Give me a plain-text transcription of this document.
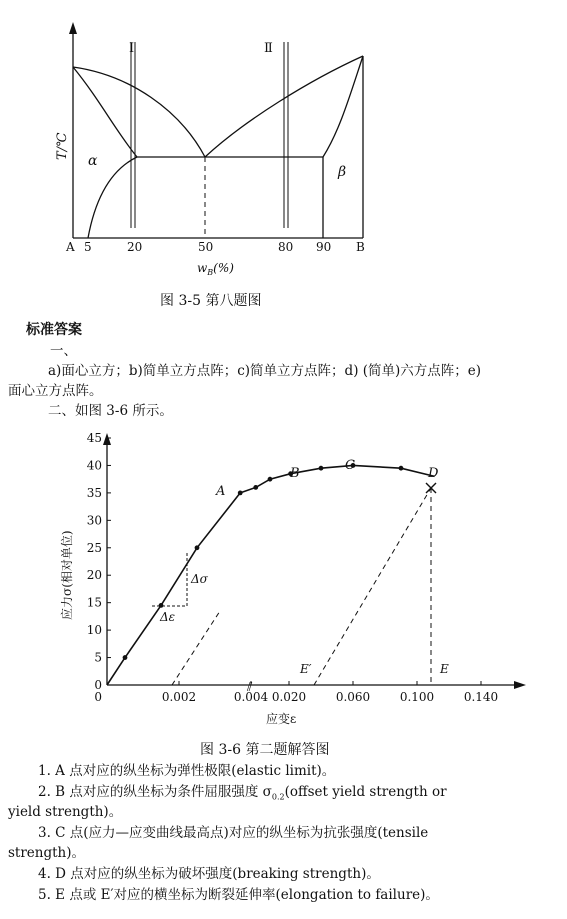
Ⅰ	Ⅱ
α
β
T/℃
A 5	20	50	80 90 B
$w_B(\%)$
图 3-5 第八题图
标准答案
一、
a)面心立方；b)简单立方点阵；c)简单立方点阵；d) (简单)六方点阵；e)
面心立方点阵。
二、如图 3-6 所示。
0
5
10
15
20
25
30
35
40
45
0.002	0.004 0.020 0.060 0.100 0.140
0
⫽
A
B
C
D
E
E′
Δσ
Δε
应力σ(相对单位)
应变ε
图 3-6 第二题解答图
1. A 点对应的纵坐标为弹性极限(elastic limit)。
2. B 点对应的纵坐标为条件屈服强度 $\sigma_{0.2}(offset$ yield strength or
yield strength)。
3. C 点(应力—应变曲线最高点)对应的纵坐标为抗张强度(tensile
strength)。
4. D 点对应的纵坐标为破坏强度(breaking strength)。
5. E 点或 E′对应的横坐标为断裂延伸率(elongation to failure)。
